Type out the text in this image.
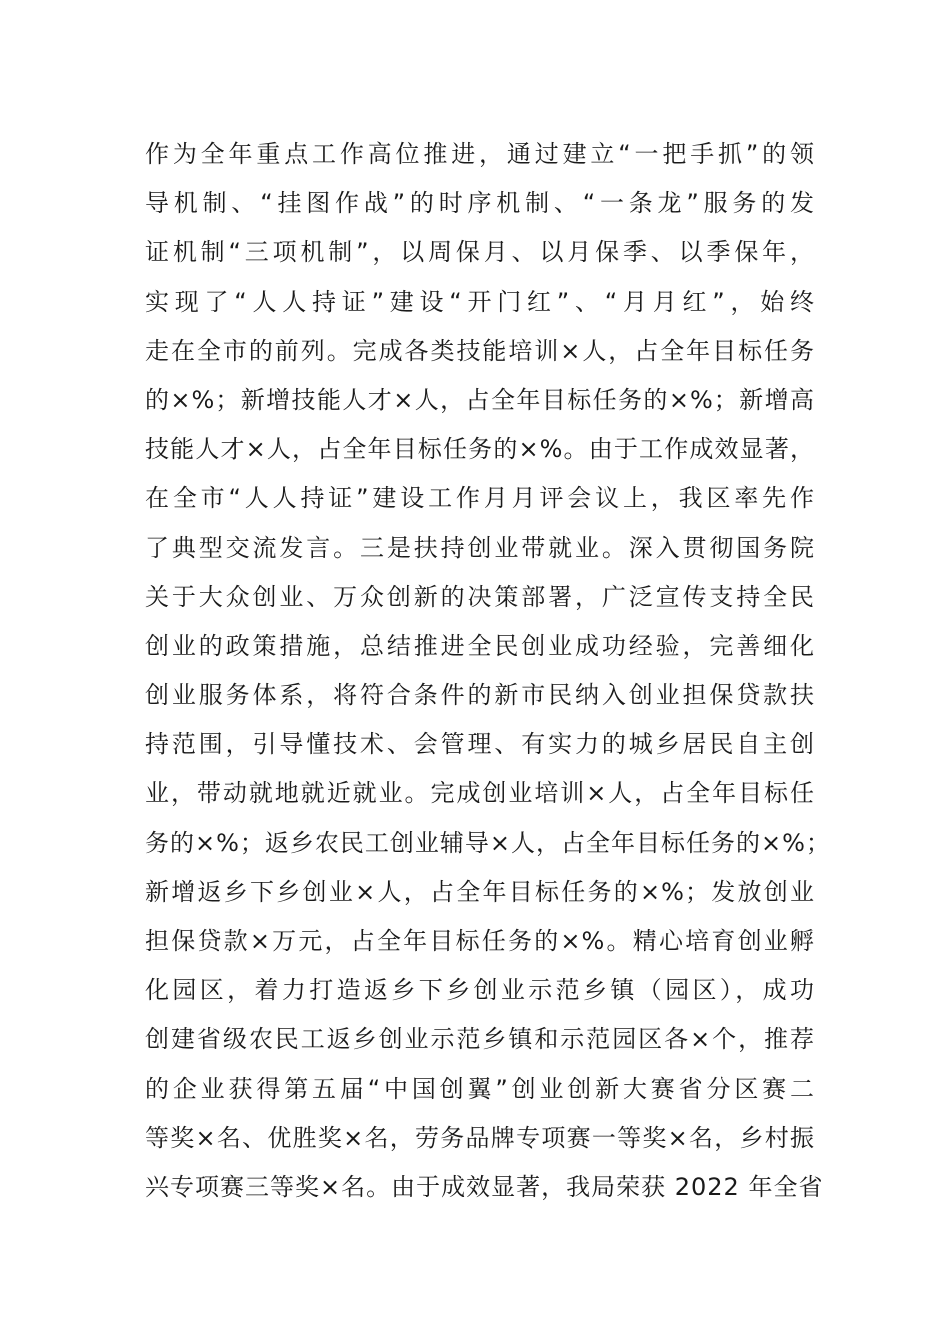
作为全年重点工作高位推进，通过建立“一把手抓”的领
导机制、“挂图作战”的时序机制、“一条龙”服务的发
证机制“三项机制”，以周保月、以月保季、以季保年，
实现了“人人持证”建设“开门红”、“月月红”，始终
走在全市的前列。完成各类技能培训×人，占全年目标任务
的×%；新增技能人才×人，占全年目标任务的×%；新增高
技能人才×人，占全年目标任务的×%。由于工作成效显著，
在全市“人人持证”建设工作月月评会议上，我区率先作
了典型交流发言。三是扶持创业带就业。深入贯彻国务院
关于大众创业、万众创新的决策部署，广泛宣传支持全民
创业的政策措施，总结推进全民创业成功经验，完善细化
创业服务体系，将符合条件的新市民纳入创业担保贷款扶
持范围，引导懂技术、会管理、有实力的城乡居民自主创
业，带动就地就近就业。完成创业培训×人，占全年目标任
务的×%；返乡农民工创业辅导×人，占全年目标任务的×%；
新增返乡下乡创业×人，占全年目标任务的×%；发放创业
担保贷款×万元，占全年目标任务的×%。精心培育创业孵
化园区，着力打造返乡下乡创业示范乡镇（园区），成功
创建省级农民工返乡创业示范乡镇和示范园区各×个，推荐
的企业获得第五届“中国创翼”创业创新大赛省分区赛二
等奖×名、优胜奖×名，劳务品牌专项赛一等奖×名，乡村振
兴专项赛三等奖×名。由于成效显著，我局荣获 2022 年全省
